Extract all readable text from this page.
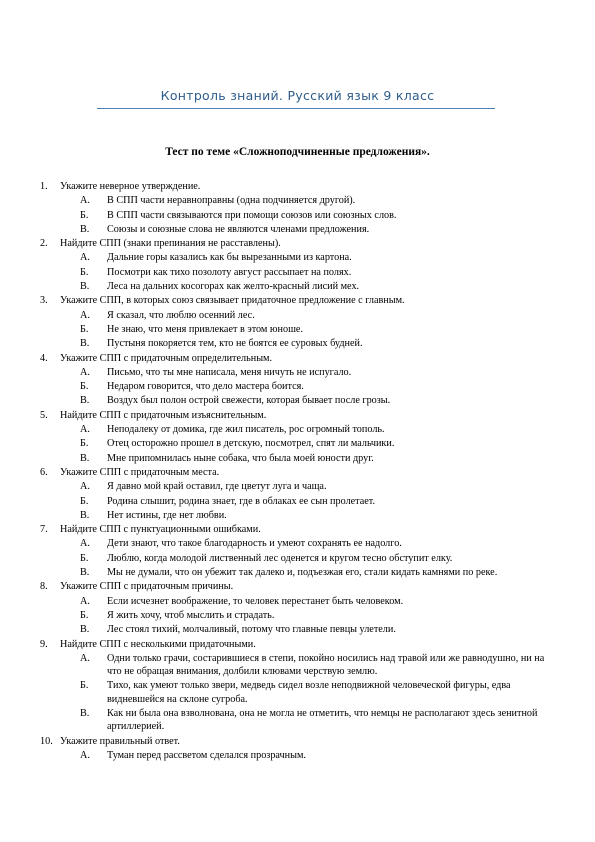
Контроль знаний. Русский язык 9 класс
Тест по теме «Сложноподчиненные предложения».
1. Укажите неверное утверждение.
А. В СПП части неравноправны (одна подчиняется другой).
Б. В СПП части связываются при помощи союзов или союзных слов.
В. Союзы и союзные слова не являются членами предложения.
2. Найдите СПП (знаки препинания не расставлены).
А. Дальние горы казались как бы вырезанными из картона.
Б. Посмотри как тихо позолоту август рассыпает на полях.
В. Леса на дальних косогорах как желто-красный лисий мех.
3. Укажите СПП, в которых союз связывает придаточное предложение с главным.
А. Я сказал, что люблю осенний лес.
Б. Не знаю, что меня привлекает в этом юноше.
В. Пустыня покоряется тем, кто не боятся ее суровых будней.
4. Укажите СПП с придаточным определительным.
А. Письмо, что ты мне написала, меня ничуть не испугало.
Б. Недаром говорится, что дело мастера боится.
В. Воздух был полон острой свежести, которая бывает после грозы.
5. Найдите СПП с придаточным изъяснительным.
А. Неподалеку от домика, где жил писатель, рос огромный тополь.
Б. Отец осторожно прошел в детскую, посмотрел, спят ли мальчики.
В. Мне припомнилась ныне собака, что была моей юности друг.
6. Укажите СПП с придаточным места.
А. Я давно мой край оставил, где цветут луга и чаща.
Б. Родина слышит, родина знает, где в облаках ее сын пролетает.
В. Нет истины, где нет любви.
7. Найдите СПП с пунктуационными ошибками.
А. Дети знают, что такое благодарность и умеют сохранять ее надолго.
Б. Люблю, когда молодой лиственный лес оденется и кругом тесно обступит елку.
В. Мы не думали, что он убежит так далеко и, подъезжая его, стали кидать камнями по реке.
8. Укажите СПП с придаточным причины.
А. Если исчезнет воображение, то человек перестанет быть человеком.
Б. Я жить хочу, чтоб мыслить и страдать.
В. Лес стоял тихий, молчаливый, потому что главные певцы улетели.
9. Найдите СПП с несколькими придаточными.
А. Одни только грачи, состарившиеся в степи, покойно носились над травой или же равнодушно, ни на что не обращая внимания, долбили клювами черствую землю.
Б. Тихо, как умеют только звери, медведь сидел возле неподвижной человеческой фигуры, едва видневшейся на склоне сугроба.
В. Как ни была она взволнована, она не могла не отметить, что немцы не располагают здесь зенитной артиллерией.
10. Укажите правильный ответ.
А. Туман перед рассветом сделался прозрачным.
